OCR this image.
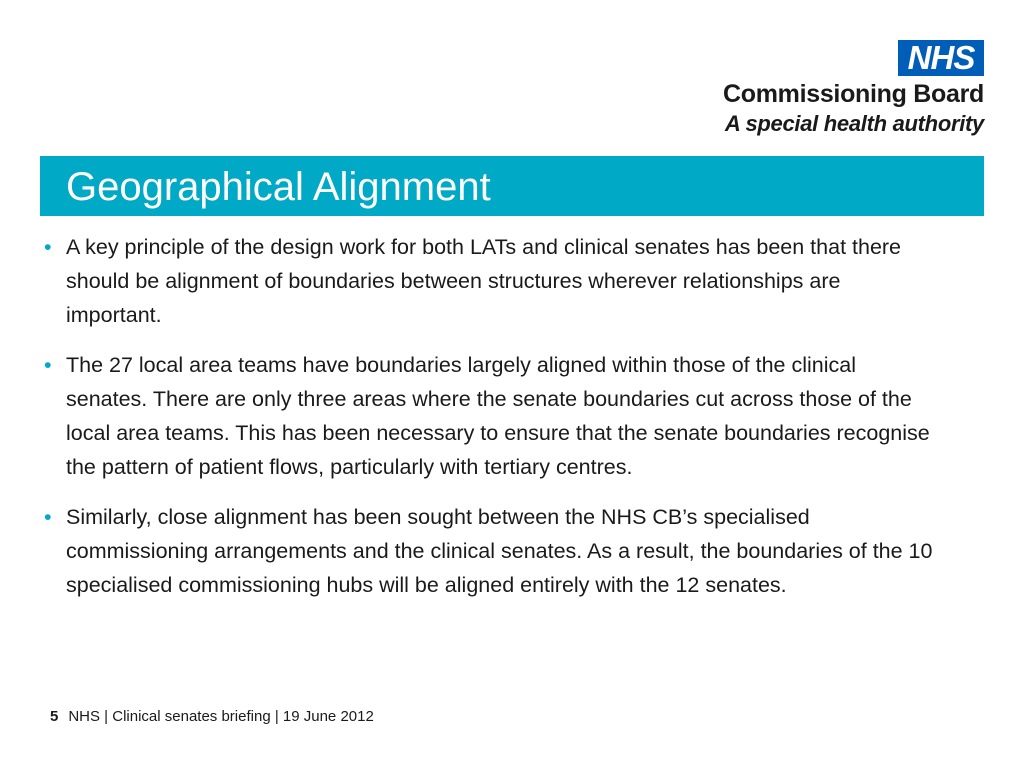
NHS
Commissioning Board
A special health authority
Geographical Alignment
• A key principle of the design work for both LATs and clinical senates has been that there should be alignment of boundaries between structures wherever relationships are important.
• The 27 local area teams have boundaries largely aligned within those of the clinical senates. There are only three areas where the senate boundaries cut across those of the local area teams. This has been necessary to ensure that the senate boundaries recognise the pattern of patient flows, particularly with tertiary centres.
• Similarly, close alignment has been sought between the NHS CB’s specialised commissioning arrangements and the clinical senates. As a result, the boundaries of the 10 specialised commissioning hubs will be aligned entirely with the 12 senates.
5 NHS | Clinical senates briefing | 19 June 2012
